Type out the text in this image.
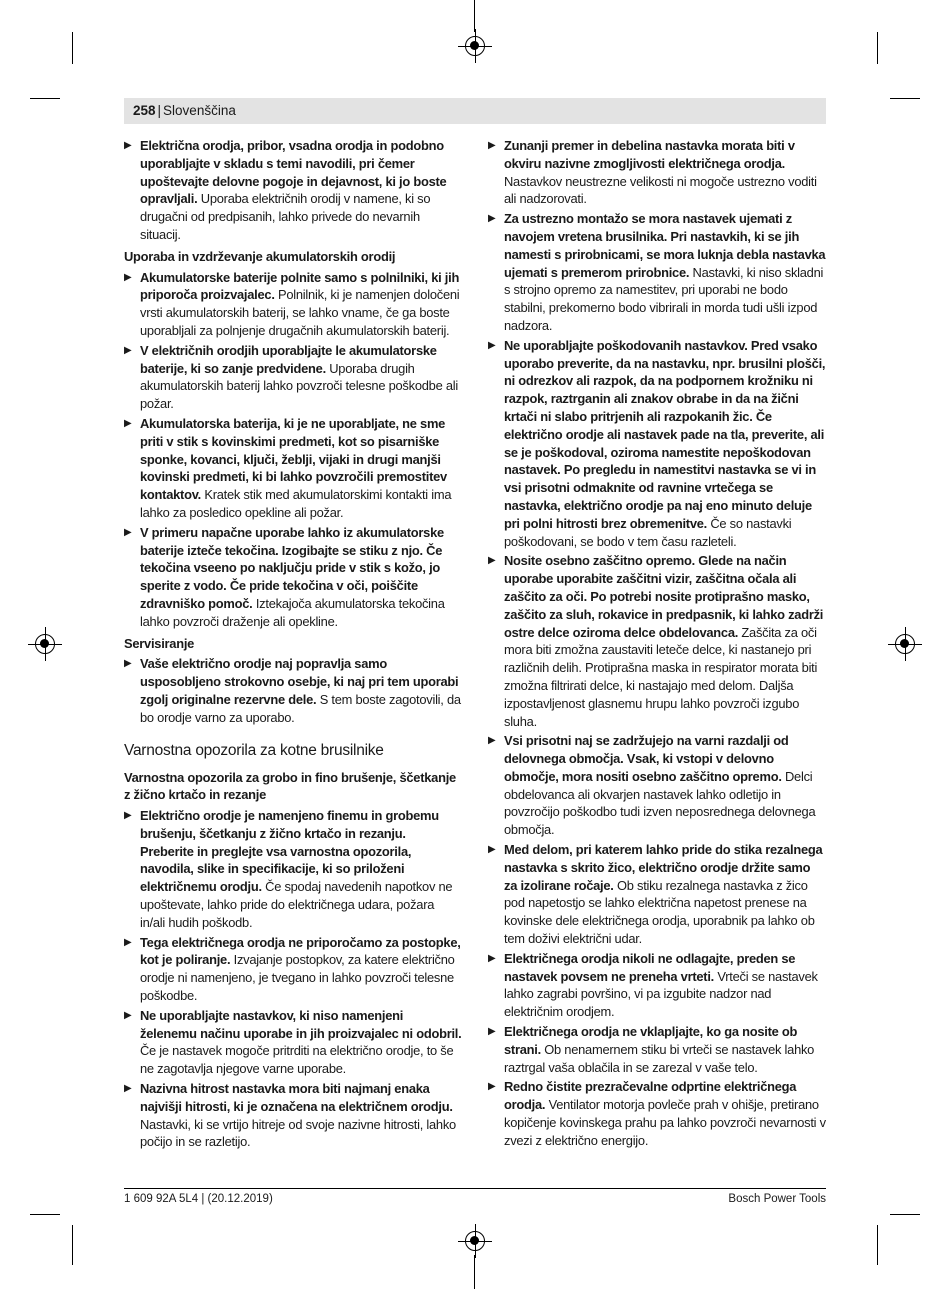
258 | Slovenščina
▶ Električna orodja, pribor, vsadna orodja in podobno uporabljajte v skladu s temi navodili, pri čemer upoštevajte delovne pogoje in dejavnost, ki jo boste opravljali. Uporaba električnih orodij v namene, ki so drugačni od predpisanih, lahko privede do nevarnih situacij.
Uporaba in vzdrževanje akumulatorskih orodij
▶ Akumulatorske baterije polnite samo s polnilniki, ki jih priporoča proizvajalec. Polnilnik, ki je namenjen določeni vrsti akumulatorskih baterij, se lahko vname, če ga boste uporabljali za polnjenje drugačnih akumulatorskih baterij.
▶ V električnih orodjih uporabljajte le akumulatorske baterije, ki so zanje predvidene. Uporaba drugih akumulatorskih baterij lahko povzroči telesne poškodbe ali požar.
▶ Akumulatorska baterija, ki je ne uporabljate, ne sme priti v stik s kovinskimi predmeti, kot so pisarniške sponke, kovanci, ključi, žeblji, vijaki in drugi manjši kovinski predmeti, ki bi lahko povzročili premostitev kontaktov. Kratek stik med akumulatorskimi kontakti ima lahko za posledico opekline ali požar.
▶ V primeru napačne uporabe lahko iz akumulatorske baterije izteče tekočina. Izogibajte se stiku z njo. Če tekočina vseeno po naključju pride v stik s kožo, jo sperite z vodo. Če pride tekočina v oči, poiščite zdravniško pomoč. Iztekajoča akumulatorska tekočina lahko povzroči draženje ali opekline.
Servisiranje
▶ Vaše električno orodje naj popravlja samo usposobljeno strokovno osebje, ki naj pri tem uporabi zgolj originalne rezervne dele. S tem boste zagotovili, da bo orodje varno za uporabo.
Varnostna opozorila za kotne brusilnike
Varnostna opozorila za grobo in fino brušenje, ščetkanje z žično krtačo in rezanje
▶ Električno orodje je namenjeno finemu in grobemu brušenju, ščetkanju z žično krtačo in rezanju. Preberite in preglejte vsa varnostna opozorila, navodila, slike in specifikacije, ki so priloženi električnemu orodju. Če spodaj navedenih napotkov ne upoštevate, lahko pride do električnega udara, požara in/ali hudih poškodb.
▶ Tega električnega orodja ne priporočamo za postopke, kot je poliranje. Izvajanje postopkov, za katere električno orodje ni namenjeno, je tvegano in lahko povzroči telesne poškodbe.
▶ Ne uporabljajte nastavkov, ki niso namenjeni želenemu načinu uporabe in jih proizvajalec ni odobril. Če je nastavek mogoče pritrditi na električno orodje, to še ne zagotavlja njegove varne uporabe.
▶ Nazivna hitrost nastavka mora biti najmanj enaka najvišji hitrosti, ki je označena na električnem orodju. Nastavki, ki se vrtijo hitreje od svoje nazivne hitrosti, lahko počijo in se razletijo.
▶ Zunanji premer in debelina nastavka morata biti v okviru nazivne zmogljivosti električnega orodja. Nastavkov neustrezne velikosti ni mogoče ustrezno voditi ali nadzorovati.
▶ Za ustrezno montažo se mora nastavek ujemati z navojem vretena brusilnika. Pri nastavkih, ki se jih namesti s prirobnicami, se mora luknja debla nastavka ujemati s premerom prirobnice. Nastavki, ki niso skladni s strojno opremo za namestitev, pri uporabi ne bodo stabilni, prekomerno bodo vibrirali in morda tudi ušli izpod nadzora.
▶ Ne uporabljajte poškodovanih nastavkov. Pred vsako uporabo preverite, da na nastavku, npr. brusilni plošči, ni odrezkov ali razpok, da na podpornem krožniku ni razpok, raztrganin ali znakov obrabe in da na žični krtači ni slabo pritrjenih ali razpokanih žic. Če električno orodje ali nastavek pade na tla, preverite, ali se je poškodoval, oziroma namestite nepoškodovan nastavek. Po pregledu in namestitvi nastavka se vi in vsi prisotni odmaknite od ravnine vrtečega se nastavka, električno orodje pa naj eno minuto deluje pri polni hitrosti brez obremenitve. Če so nastavki poškodovani, se bodo v tem času razleteli.
▶ Nosite osebno zaščitno opremo. Glede na način uporabe uporabite zaščitni vizir, zaščitna očala ali zaščito za oči. Po potrebi nosite protiprašno masko, zaščito za sluh, rokavice in predpasnik, ki lahko zadrži ostre delce oziroma delce obdelovanca. Zaščita za oči mora biti zmožna zaustaviti leteče delce, ki nastanejo pri različnih delih. Protiprašna maska in respirator morata biti zmožna filtrirati delce, ki nastajajo med delom. Daljša izpostavljenost glasnemu hrupu lahko povzroči izgubo sluha.
▶ Vsi prisotni naj se zadržujejo na varni razdalji od delovnega območja. Vsak, ki vstopi v delovno območje, mora nositi osebno zaščitno opremo. Delci obdelovanca ali okvarjen nastavek lahko odletijo in povzročijo poškodbo tudi izven neposrednega delovnega območja.
▶ Med delom, pri katerem lahko pride do stika rezalnega nastavka s skrito žico, električno orodje držite samo za izolirane ročaje. Ob stiku rezalnega nastavka z žico pod napetostjo se lahko električna napetost prenese na kovinske dele električnega orodja, uporabnik pa lahko ob tem doživi električni udar.
▶ Električnega orodja nikoli ne odlagajte, preden se nastavek povsem ne preneha vrteti. Vrteči se nastavek lahko zagrabi površino, vi pa izgubite nadzor nad električnim orodjem.
▶ Električnega orodja ne vklapljajte, ko ga nosite ob strani. Ob nenamernem stiku bi vrteči se nastavek lahko raztrgal vaša oblačila in se zarezal v vaše telo.
▶ Redno čistite prezračevalne odprtine električnega orodja. Ventilator motorja povleče prah v ohišje, pretirano kopičenje kovinskega prahu pa lahko povzroči nevarnosti v zvezi z električno energijo.
1 609 92A 5L4 | (20.12.2019)	Bosch Power Tools
